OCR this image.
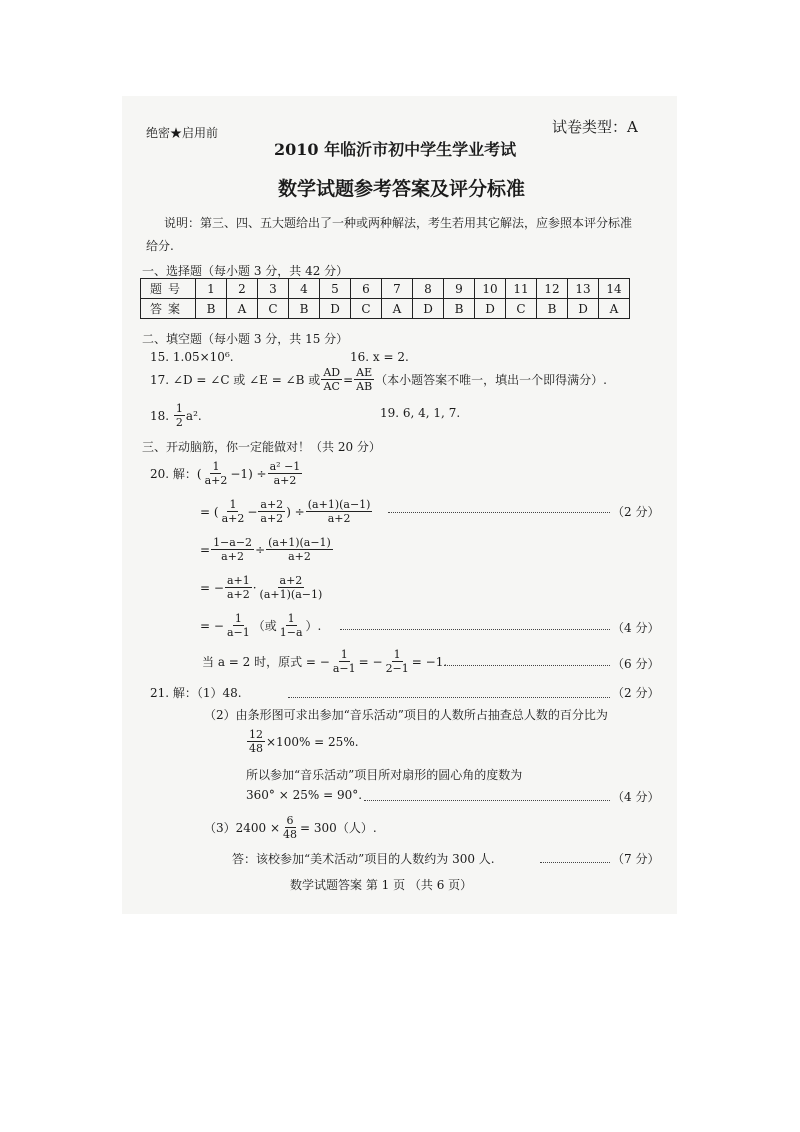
绝密★启用前	试卷类型：A
2010 年临沂市初中学生学业考试
数学试题参考答案及评分标准
说明：第三、四、五大题给出了一种或两种解法，考生若用其它解法，应参照本评分标准
给分.
一、选择题（每小题 3 分，共 42 分）
题号	1	2	3	4	5	6	7	8	9	10	11	12	13	14
答案	B	A	C	B	D	C	A	D	B	D	C	B	D	A
二、填空题（每小题 3 分，共 15 分）
15. 1.05×10⁶.	16. x = 2.
17. ∠D = ∠C 或 ∠E = ∠B 或 $\frac{AD}{AC} = \frac{AE}{AB}$ （本小题答案不唯一，填出一个即得满分）.
18.
$\frac{1}{2} a^2$.	19. 6, 4, 1, 7.
三、开动脑筋，你一定能做对！（共 20 分）
20. 解： ( $\frac{1}{a+2} -1) \div \frac{\text{a² −1}}{a+2}$
= ( $\frac{1}{a+2} - \frac{a+2}{a+2}$ ) ÷ $\frac{(a+1)(a-1)}{a+2}$	（2 分）
= $\frac{1-a-2}{a+2} \div \frac{(a+1)(a-1)}{a+2}$
= − $\frac{a+1}{a+2} \cdot \frac{a+2}{(a+1)(a-1)}$
= − $\frac{1}{a-1}$ （或 $\frac{1}{1-a}$ ）.	（4 分）
当 a = 2 时，原式 = − $\frac{1}{a-1}$ = − $\frac{1}{2-1} = -1$.	（6 分）
21. 解：（1）48.	（2 分）
（2）由条形图可求出参加“音乐活动”项目的人数所占抽查总人数的百分比为
$\frac{12}{48} \times 100\% = 25\%$.
所以参加“音乐活动”项目所对扇形的圆心角的度数为
360° × 25% = 90°.	（4 分）
$(3)2400 \times \frac{6}{48} = 300$（人）.
答：该校参加“美术活动”项目的人数约为 300 人.	（7 分）
数学试题答案 第 1 页 （共 6 页）
